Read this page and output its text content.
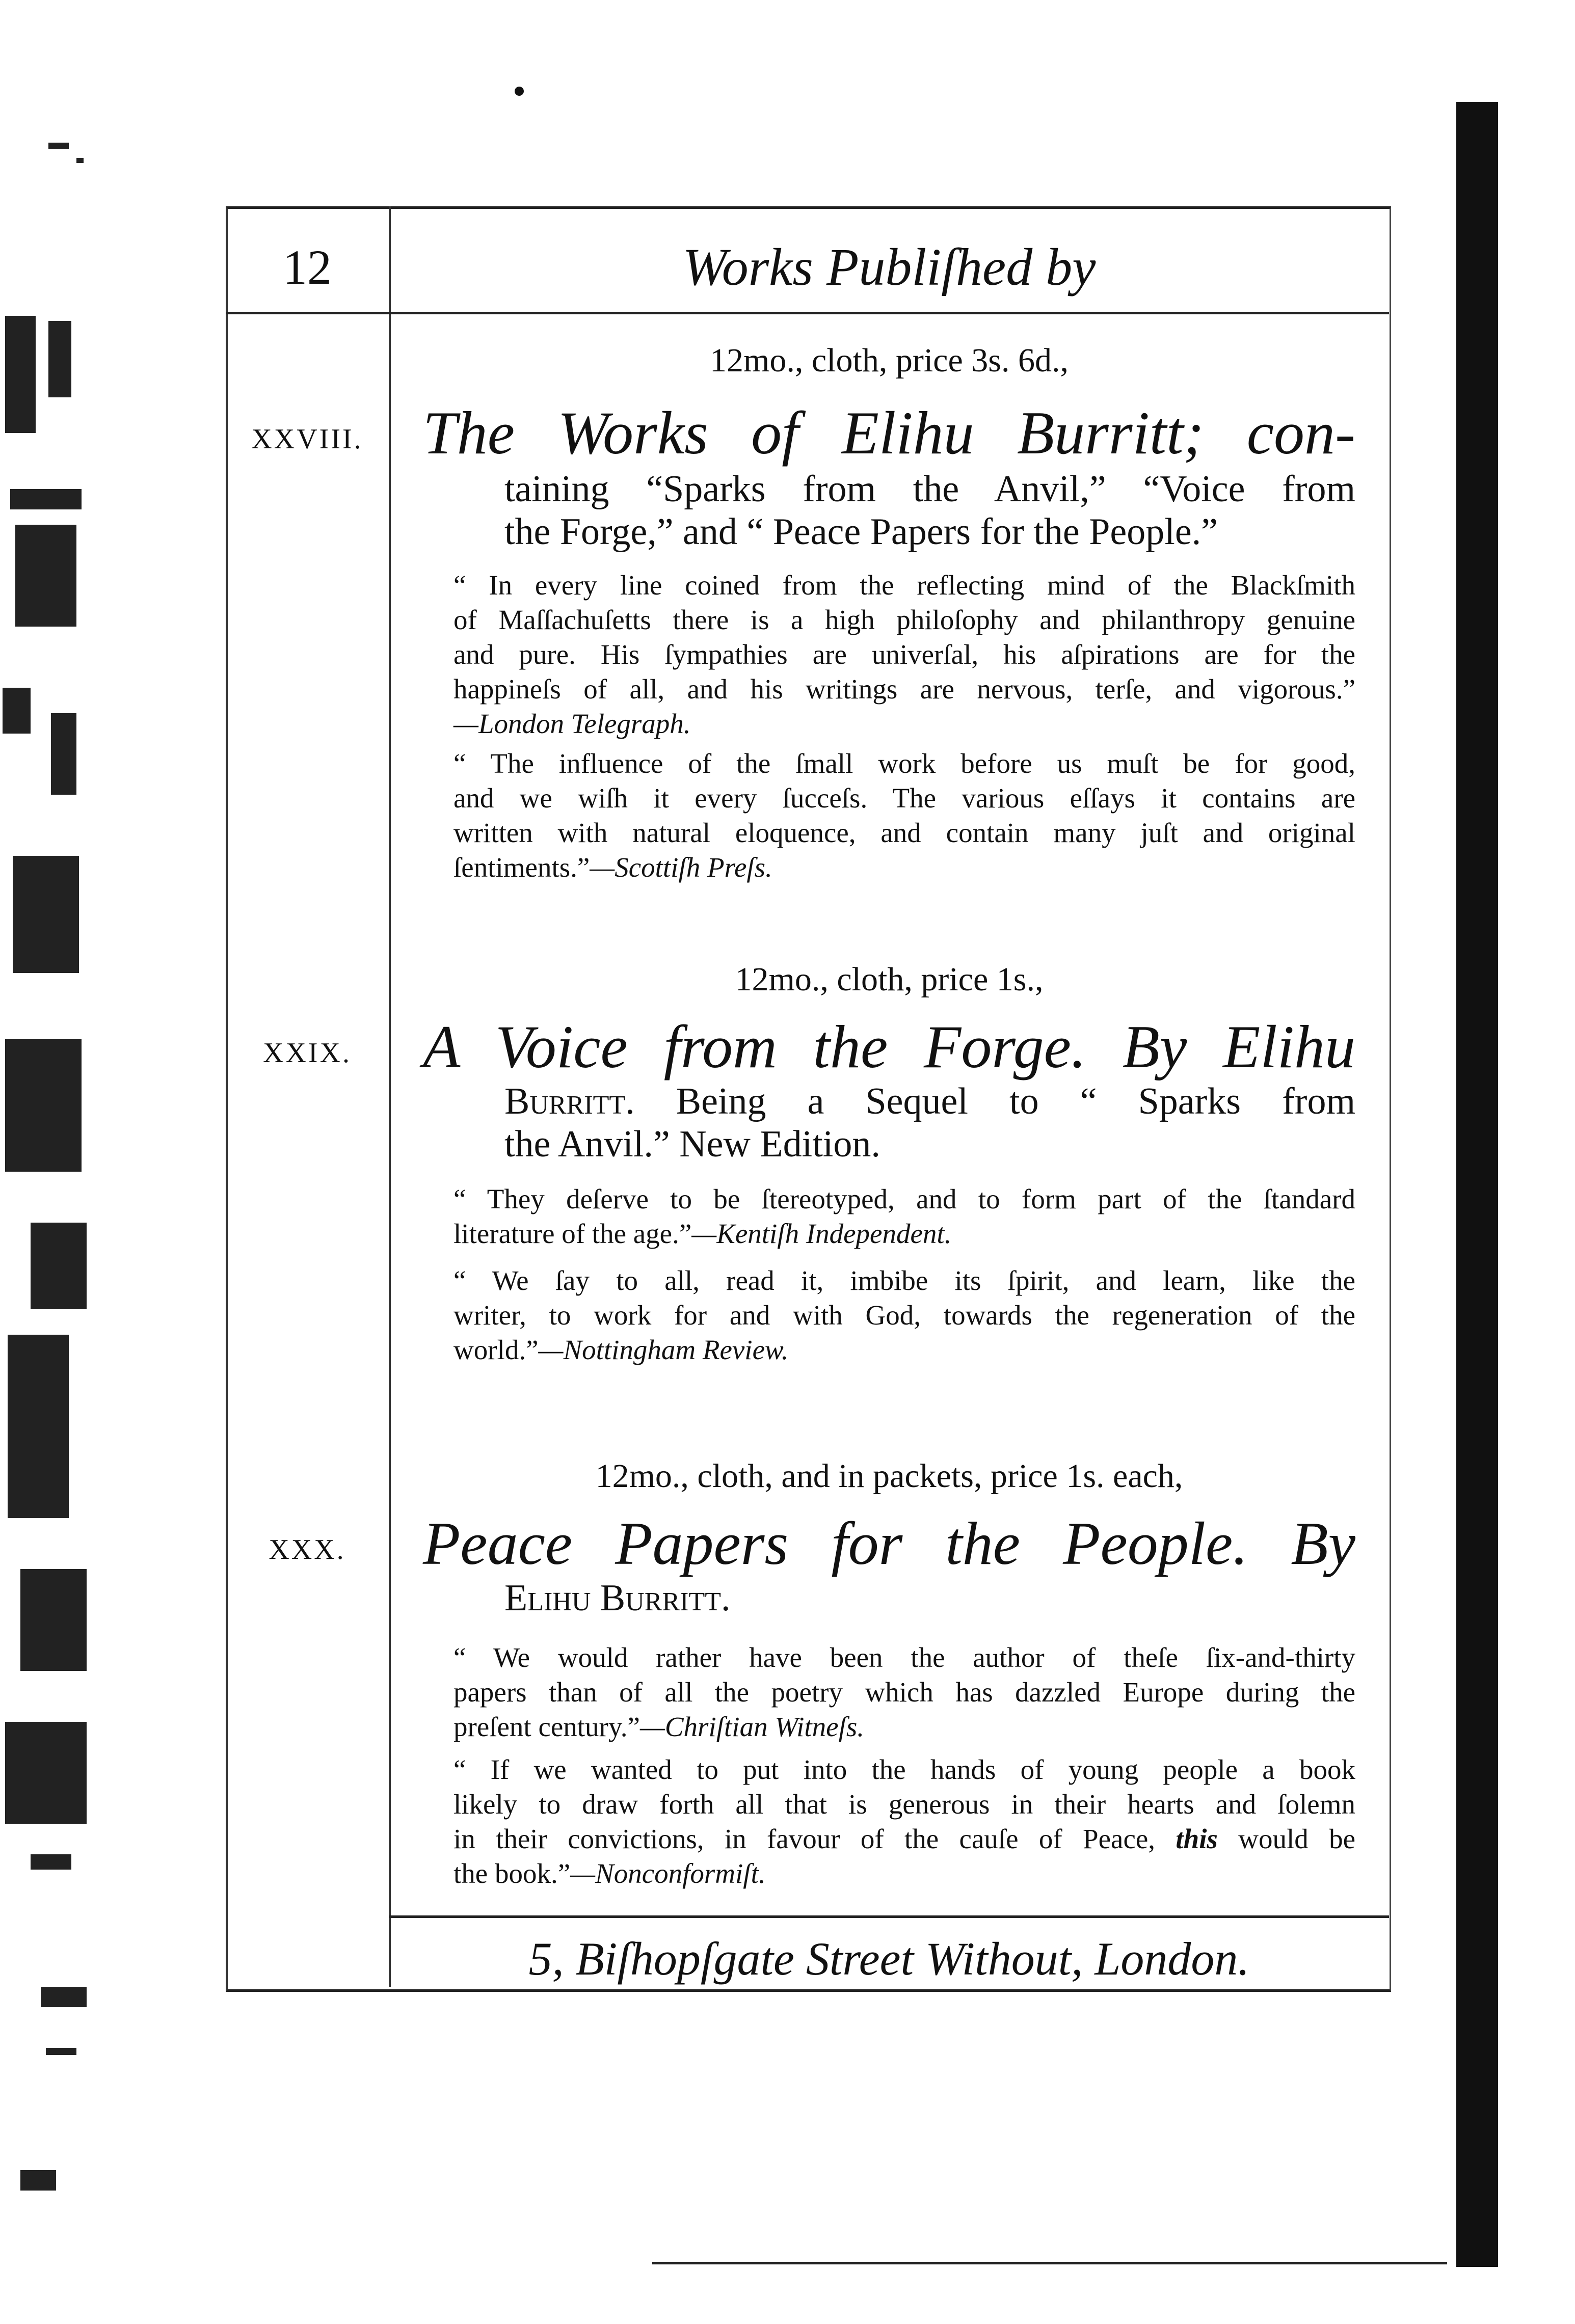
12	Works Publiſhed by
12mo., cloth, price 3s. 6d.,
XXVIII. The Works of Elihu Burritt; con-
taining “Sparks from the Anvil,” “Voice from
the Forge,” and “ Peace Papers for the People.”
“ In every line coined from the reflecting mind of the Blackſmith
of Maſſachuſetts there is a high philoſophy and philanthropy genuine
and pure. His ſympathies are univerſal, his aſpirations are for the
happineſs of all, and his writings are nervous, terſe, and vigorous.”
—London Telegraph.
“ The influence of the ſmall work before us muſt be for good,
and we wiſh it every ſucceſs. The various eſſays it contains are
written with natural eloquence, and contain many juſt and original
ſentiments.”—Scottiſh Preſs.
12mo., cloth, price 1s.,
XXIX.	A Voice from the Forge. By Elihu
Burritt. Being a Sequel to “ Sparks from
the Anvil.” New Edition.
“ They deſerve to be ſtereotyped, and to form part of the ſtandard
literature of the age.”—Kentiſh Independent.
“ We ſay to all, read it, imbibe its ſpirit, and learn, like the
writer, to work for and with God, towards the regeneration of the
world.”—Nottingham Review.
12mo., cloth, and in packets, price 1s. each,
XXX.	Peace Papers for the People. By
Elihu Burritt.
“ We would rather have been the author of theſe ſix-and-thirty
papers than of all the poetry which has dazzled Europe during the
preſent century.”—Chriſtian Witneſs.
“ If we wanted to put into the hands of young people a book
likely to draw forth all that is generous in their hearts and ſolemn
in their convictions, in favour of the cauſe of Peace, this would be
the book.”—Nonconformiſt.
5, Biſhopſgate Street Without, London.
